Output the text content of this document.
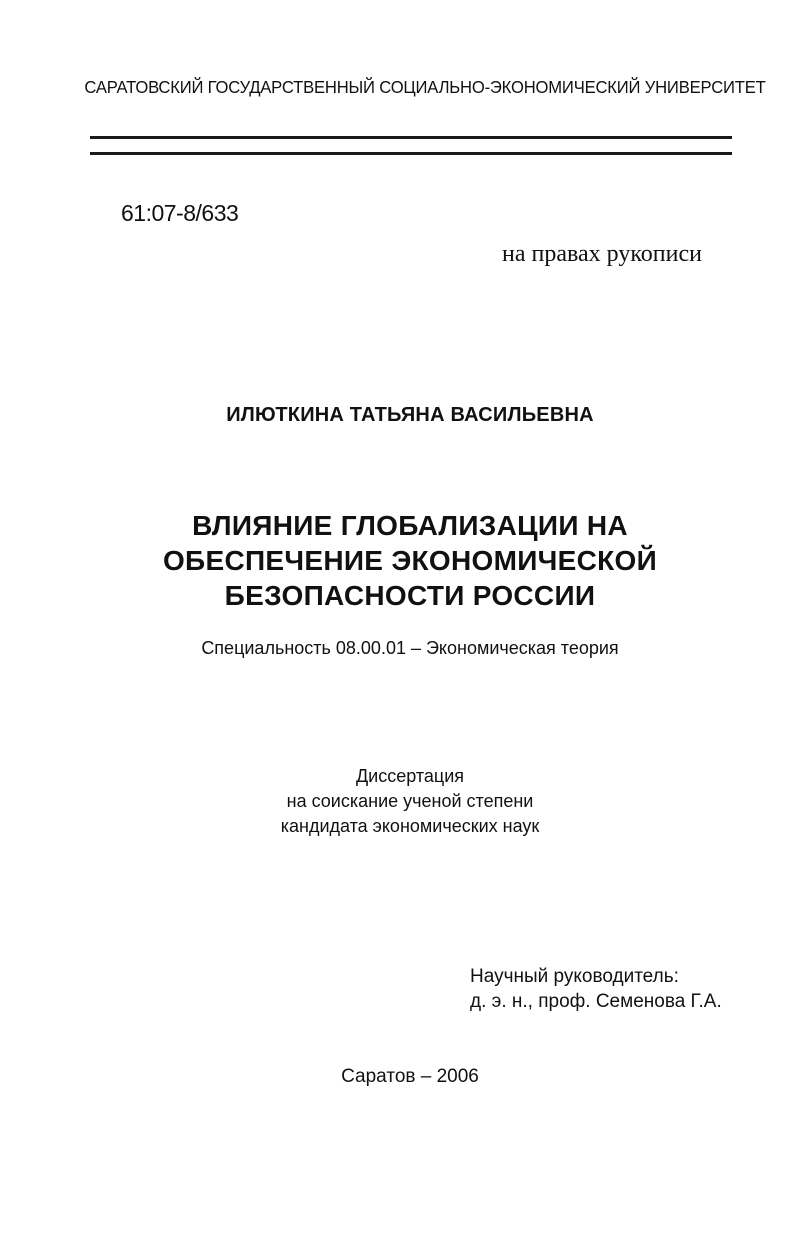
САРАТОВСКИЙ ГОСУДАРСТВЕННЫЙ СОЦИАЛЬНО-ЭКОНОМИЧЕСКИЙ УНИВЕРСИТЕТ
61:07-8/633
на правах рукописи
ИЛЮТКИНА ТАТЬЯНА ВАСИЛЬЕВНА
ВЛИЯНИЕ ГЛОБАЛИЗАЦИИ НА
ОБЕСПЕЧЕНИЕ ЭКОНОМИЧЕСКОЙ
БЕЗОПАСНОСТИ РОССИИ
Специальность 08.00.01 – Экономическая теория
Диссертация
на соискание ученой степени
кандидата экономических наук
Научный руководитель:
д. э. н., проф. Семенова Г.А.
Саратов – 2006
